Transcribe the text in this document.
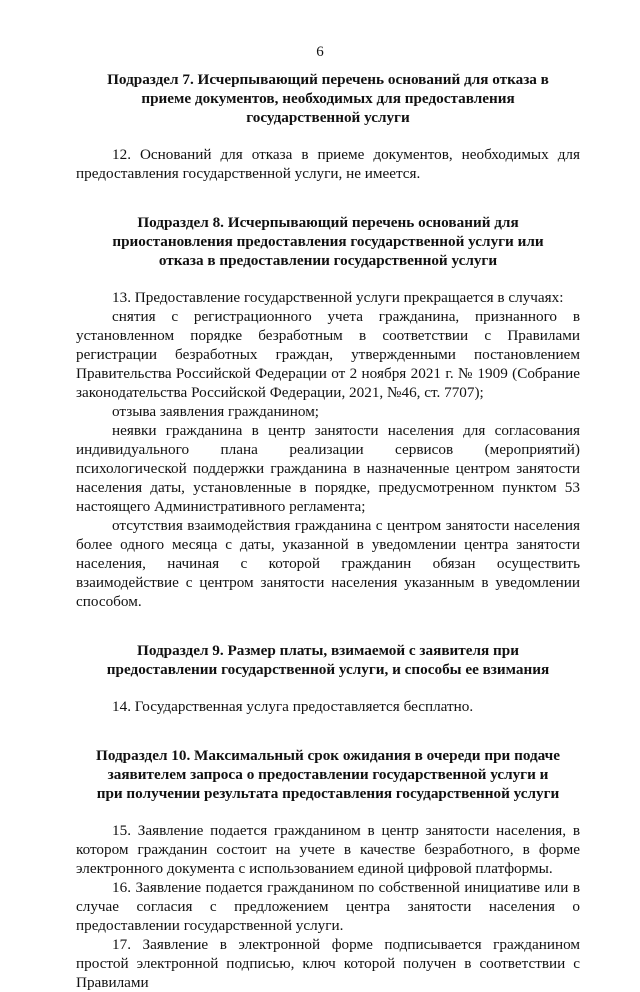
6
Подраздел 7. Исчерпывающий перечень оснований для отказа в приеме документов, необходимых для предоставления государственной услуги

12. Оснований для отказа в приеме документов, необходимых для предоставления государственной услуги, не имеется.

Подраздел 8. Исчерпывающий перечень оснований для приостановления предоставления государственной услуги или отказа в предоставлении государственной услуги

13. Предоставление государственной услуги прекращается в случаях:

снятия с регистрационного учета гражданина, признанного в установленном порядке безработным в соответствии с Правилами регистрации безработных граждан, утвержденными постановлением Правительства Российской Федерации от 2 ноября 2021 г. № 1909 (Собрание законодательства Российской Федерации, 2021, №46, ст. 7707);

отзыва заявления гражданином;

неявки гражданина в центр занятости населения для согласования индивидуального плана реализации сервисов (мероприятий) психологической поддержки гражданина в назначенные центром занятости населения даты, установленные в порядке, предусмотренном пунктом 53 настоящего Административного регламента;

отсутствия взаимодействия гражданина с центром занятости населения более одного месяца с даты, указанной в уведомлении центра занятости населения, начиная с которой гражданин обязан осуществить взаимодействие с центром занятости населения указанным в уведомлении способом.

Подраздел 9. Размер платы, взимаемой с заявителя при предоставлении государственной услуги, и способы ее взимания

14. Государственная услуга предоставляется бесплатно.

Подраздел 10. Максимальный срок ожидания в очереди при подаче заявителем запроса о предоставлении государственной услуги и при получении результата предоставления государственной услуги

15. Заявление подается гражданином в центр занятости населения, в котором гражданин состоит на учете в качестве безработного, в форме электронного документа с использованием единой цифровой платформы.

16. Заявление подается гражданином по собственной инициативе или в случае согласия с предложением центра занятости населения о предоставлении государственной услуги.

17. Заявление в электронной форме подписывается гражданином простой электронной подписью, ключ которой получен в соответствии с Правилами
